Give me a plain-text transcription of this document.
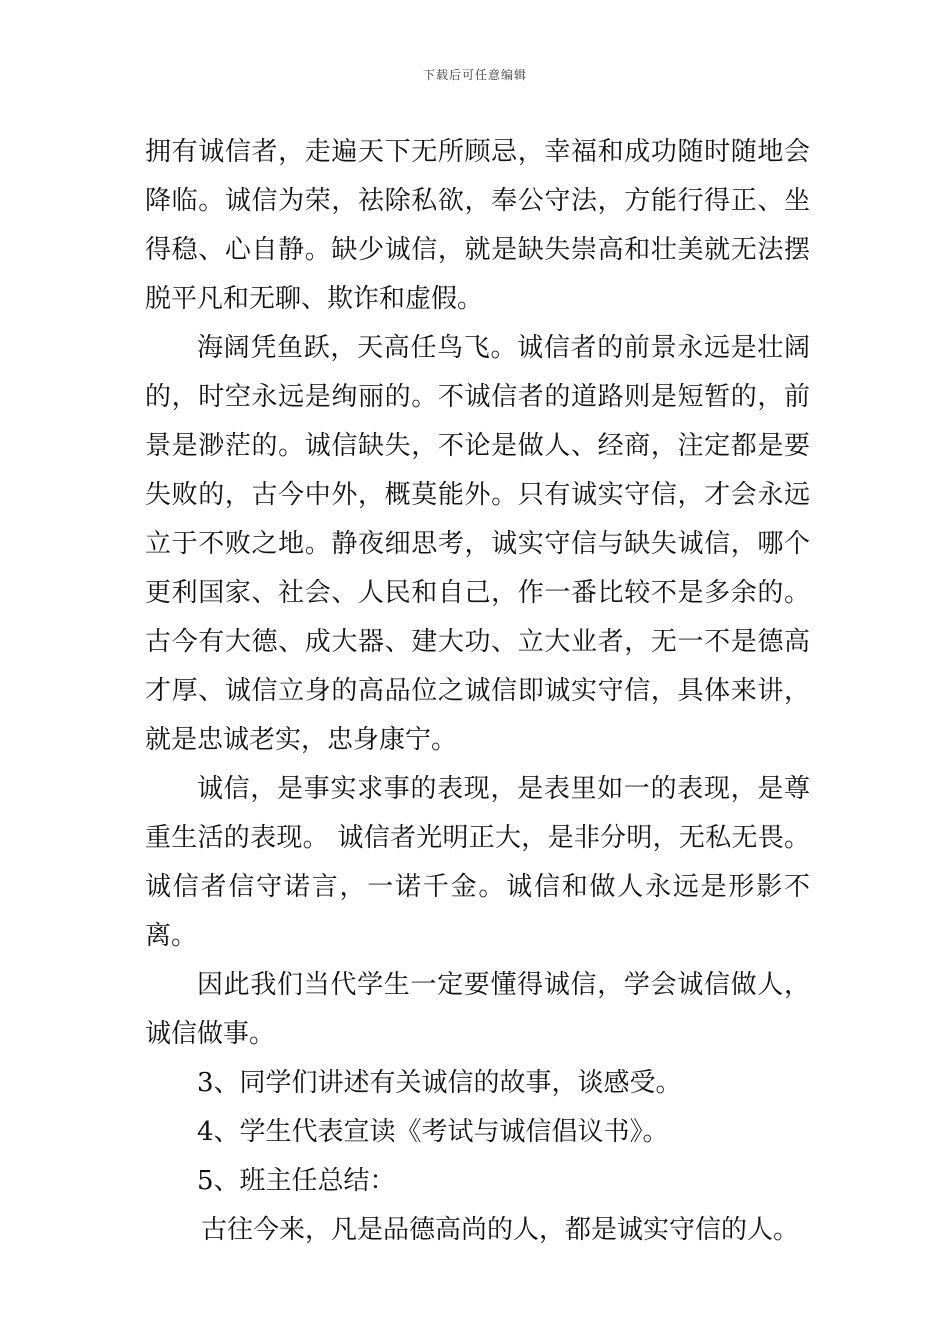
下载后可任意编辑

拥有诚信者，走遍天下无所顾忌，幸福和成功随时随地会降临。诚信为荣，祛除私欲，奉公守法，方能行得正、坐得稳、心自静。缺少诚信，就是缺失崇高和壮美就无法摆脱平凡和无聊、欺诈和虚假。

海阔凭鱼跃，天高任鸟飞。诚信者的前景永远是壮阔的，时空永远是绚丽的。不诚信者的道路则是短暂的，前景是渺茫的。诚信缺失，不论是做人、经商，注定都是要失败的，古今中外，概莫能外。只有诚实守信，才会永远立于不败之地。静夜细思考，诚实守信与缺失诚信，哪个更利国家、社会、人民和自己，作一番比较不是多余的。古今有大德、成大器、建大功、立大业者，无一不是德高才厚、诚信立身的高品位之诚信即诚实守信，具体来讲，就是忠诚老实，忠身康宁。

诚信，是事实求事的表现，是表里如一的表现，是尊重生活的表现。 诚信者光明正大，是非分明，无私无畏。诚信者信守诺言，一诺千金。诚信和做人永远是形影不离。

因此我们当代学生一定要懂得诚信，学会诚信做人，诚信做事。

3、同学们讲述有关诚信的故事，谈感受。

4、学生代表宣读《考试与诚信倡议书》。

5、班主任总结：

古往今来，凡是品德高尚的人，都是诚实守信的人。
